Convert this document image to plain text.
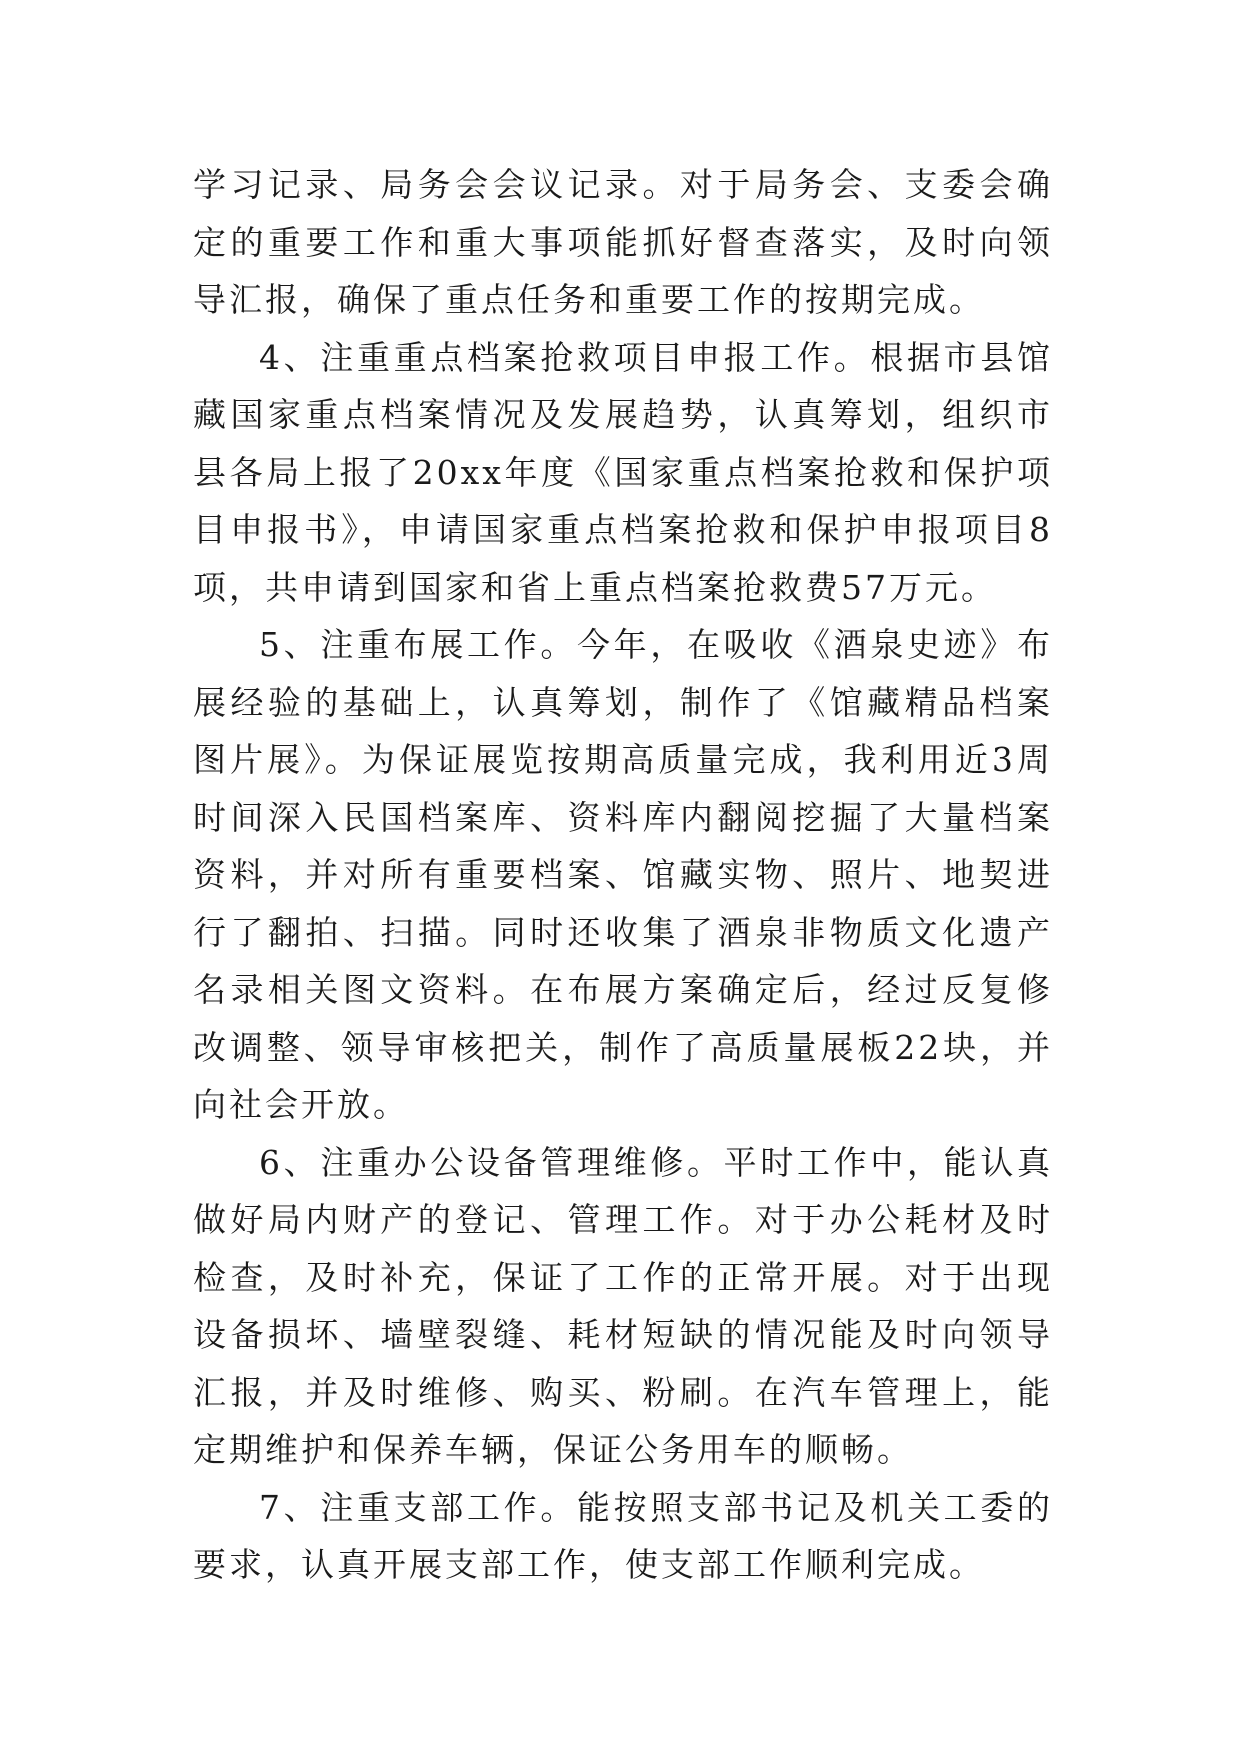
学习记录、局务会会议记录。对于局务会、支委会确定的重要工作和重大事项能抓好督查落实，及时向领导汇报，确保了重点任务和重要工作的按期完成。

4、注重重点档案抢救项目申报工作。根据市县馆藏国家重点档案情况及发展趋势，认真筹划，组织市县各局上报了20xx年度《国家重点档案抢救和保护项目申报书》，申请国家重点档案抢救和保护申报项目8项，共申请到国家和省上重点档案抢救费57万元。

5、注重布展工作。今年，在吸收《酒泉史迹》布展经验的基础上，认真筹划，制作了《馆藏精品档案图片展》。为保证展览按期高质量完成，我利用近3周时间深入民国档案库、资料库内翻阅挖掘了大量档案资料，并对所有重要档案、馆藏实物、照片、地契进行了翻拍、扫描。同时还收集了酒泉非物质文化遗产名录相关图文资料。在布展方案确定后，经过反复修改调整、领导审核把关，制作了高质量展板22块，并向社会开放。

6、注重办公设备管理维修。平时工作中，能认真做好局内财产的登记、管理工作。对于办公耗材及时检查，及时补充，保证了工作的正常开展。对于出现设备损坏、墙壁裂缝、耗材短缺的情况能及时向领导汇报，并及时维修、购买、粉刷。在汽车管理上，能定期维护和保养车辆，保证公务用车的顺畅。

7、注重支部工作。能按照支部书记及机关工委的要求，认真开展支部工作，使支部工作顺利完成。
